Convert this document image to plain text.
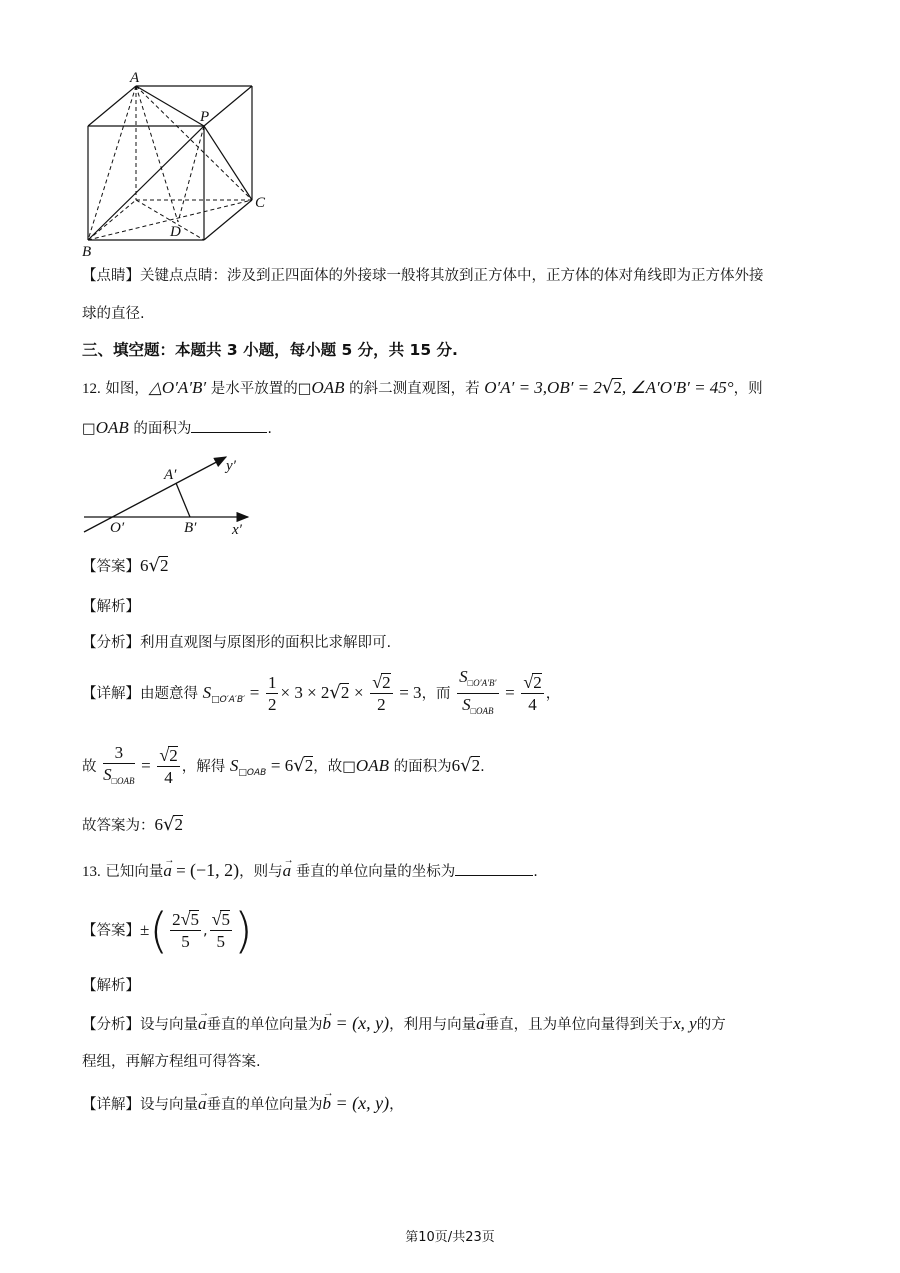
A
P
C
D
B
【点睛】关键点点睛：涉及到正四面体的外接球一般将其放到正方体中，正方体的体对角线即为正方体外接
球的直径.
三、填空题：本题共 3 小题，每小题 5 分，共 15 分.
12. 如图，△O′A′B′ 是水平放置的□OAB 的斜二测直观图，若 O′A′ = 3,OB′ = 2√2, ∠A′O′B′ = 45°，则
□OAB 的面积为	.
A′
O′	B′ x′
y′
【答案】6√2
【解析】
【分析】利用直观图与原图形的面积比求解即可.
【详解】由题意得 $S_{□O'A'B'} = \frac{1}{2} \times 3 \times 2√2 \times \frac{√2}{2} = 3$，而 $\frac{S_{□O'A'B'}}{S_{□OAB}} = \frac{√2}{4}$ ，
故 $\frac{3}{S_{□OAB}} = \frac{√2}{4}$ ，解得 $S_{□OAB} = 6√2$，故□OAB 的面积为6√2.
故答案为：6√2
13. 已知向量→ a = (−1, 2)，则与→ a 垂直的单位向量的坐标为	.
【答案】±( $\frac{2√5}{5}$ , $\frac{√5}{5}$ )
【解析】
【分析】设与向量→ a垂直的单位向量为→ b = (x, y)，利用与向量→ a垂直，且为单位向量得到关于x, y的方
程组，再解方程组可得答案.
【详解】设与向量→ a垂直的单位向量为→ b = (x, y)，
第10页/共23页
